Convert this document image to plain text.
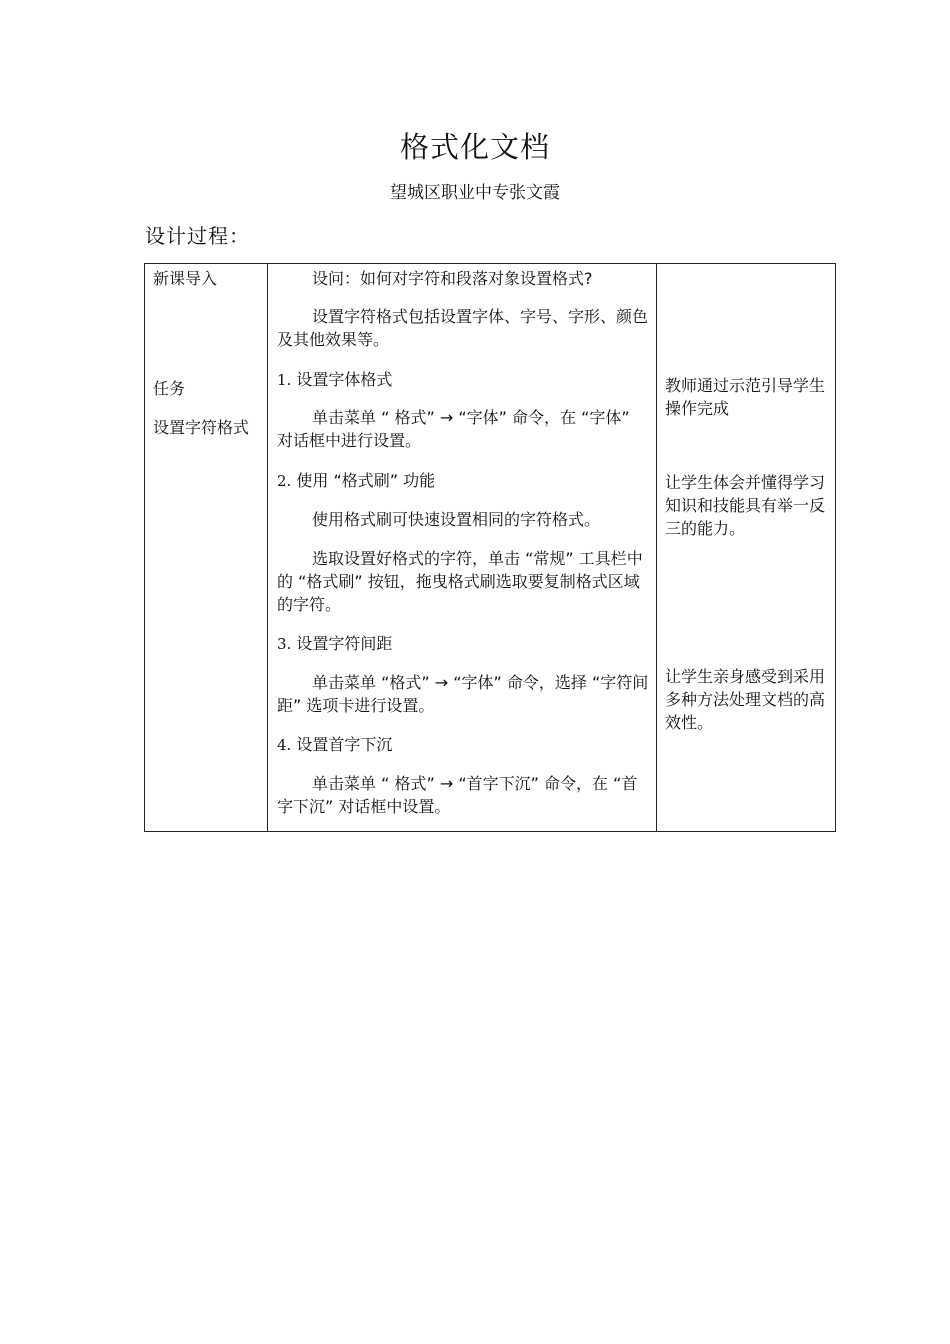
格式化文档
望城区职业中专张文霞
设计过程：
新课导入
任务
设置字符格式
设问：如何对字符和段落对象设置格式?
设置字符格式包括设置字体、字号、字形、颜色及其他效果等。
1. 设置字体格式
单击菜单 “ 格式” → “字体” 命令，在 “字体” 对话框中进行设置。
2. 使用 “格式刷” 功能
使用格式刷可快速设置相同的字符格式。
选取设置好格式的字符，单击 “常规” 工具栏中的 “格式刷” 按钮，拖曳格式刷选取要复制格式区域的字符。
3. 设置字符间距
单击菜单 “格式” → “字体” 命令，选择 “字符间距” 选项卡进行设置。
4. 设置首字下沉
单击菜单 “ 格式” → “首字下沉” 命令，在 “首字下沉” 对话框中设置。
教师通过示范引导学生操作完成
让学生体会并懂得学习知识和技能具有举一反三的能力。
让学生亲身感受到采用多种方法处理文档的高效性。
